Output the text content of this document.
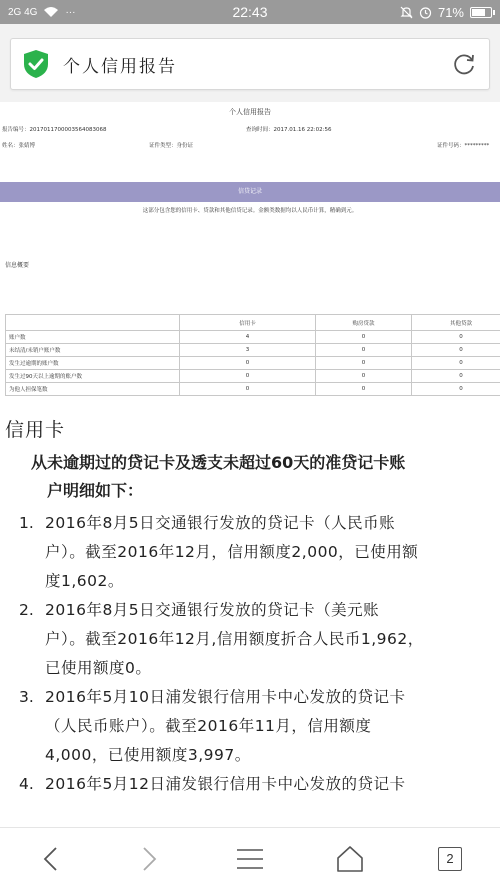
2G 4G	···	22:43	71%
个人信用报告
个人信用报告
报告编号：2017011700003564083068	查询时间：2017.01.16 22:02:56
姓名：张婧博	证件类型：身份证	证件号码：*********
信贷记录
这部分包含您的信用卡、贷款和其他信贷记录。金额类数据均以人民币计算，精确到元。
信息概要
	信用卡	购房贷款	其他贷款
账户数	4	0	0
未结清/未销户账户数	3	0	0
发生过逾期的账户数	0	0	0
发生过90天以上逾期的账户数	0	0	0
为他人担保笔数	0	0	0
信用卡
从未逾期过的贷记卡及透支未超过60天的准贷记卡账
户明细如下：
1. 2016年8月5日交通银行发放的贷记卡（人民币账
户）。截至2016年12月，信用额度2,000，已使用额
度1,602。
2. 2016年8月5日交通银行发放的贷记卡（美元账
户）。截至2016年12月,信用额度折合人民币1,962，
已使用额度0。
3. 2016年5月10日浦发银行信用卡中心发放的贷记卡
（人民币账户）。截至2016年11月，信用额度
4,000，已使用额度3,997。
4. 2016年5月12日浦发银行信用卡中心发放的贷记卡
2
